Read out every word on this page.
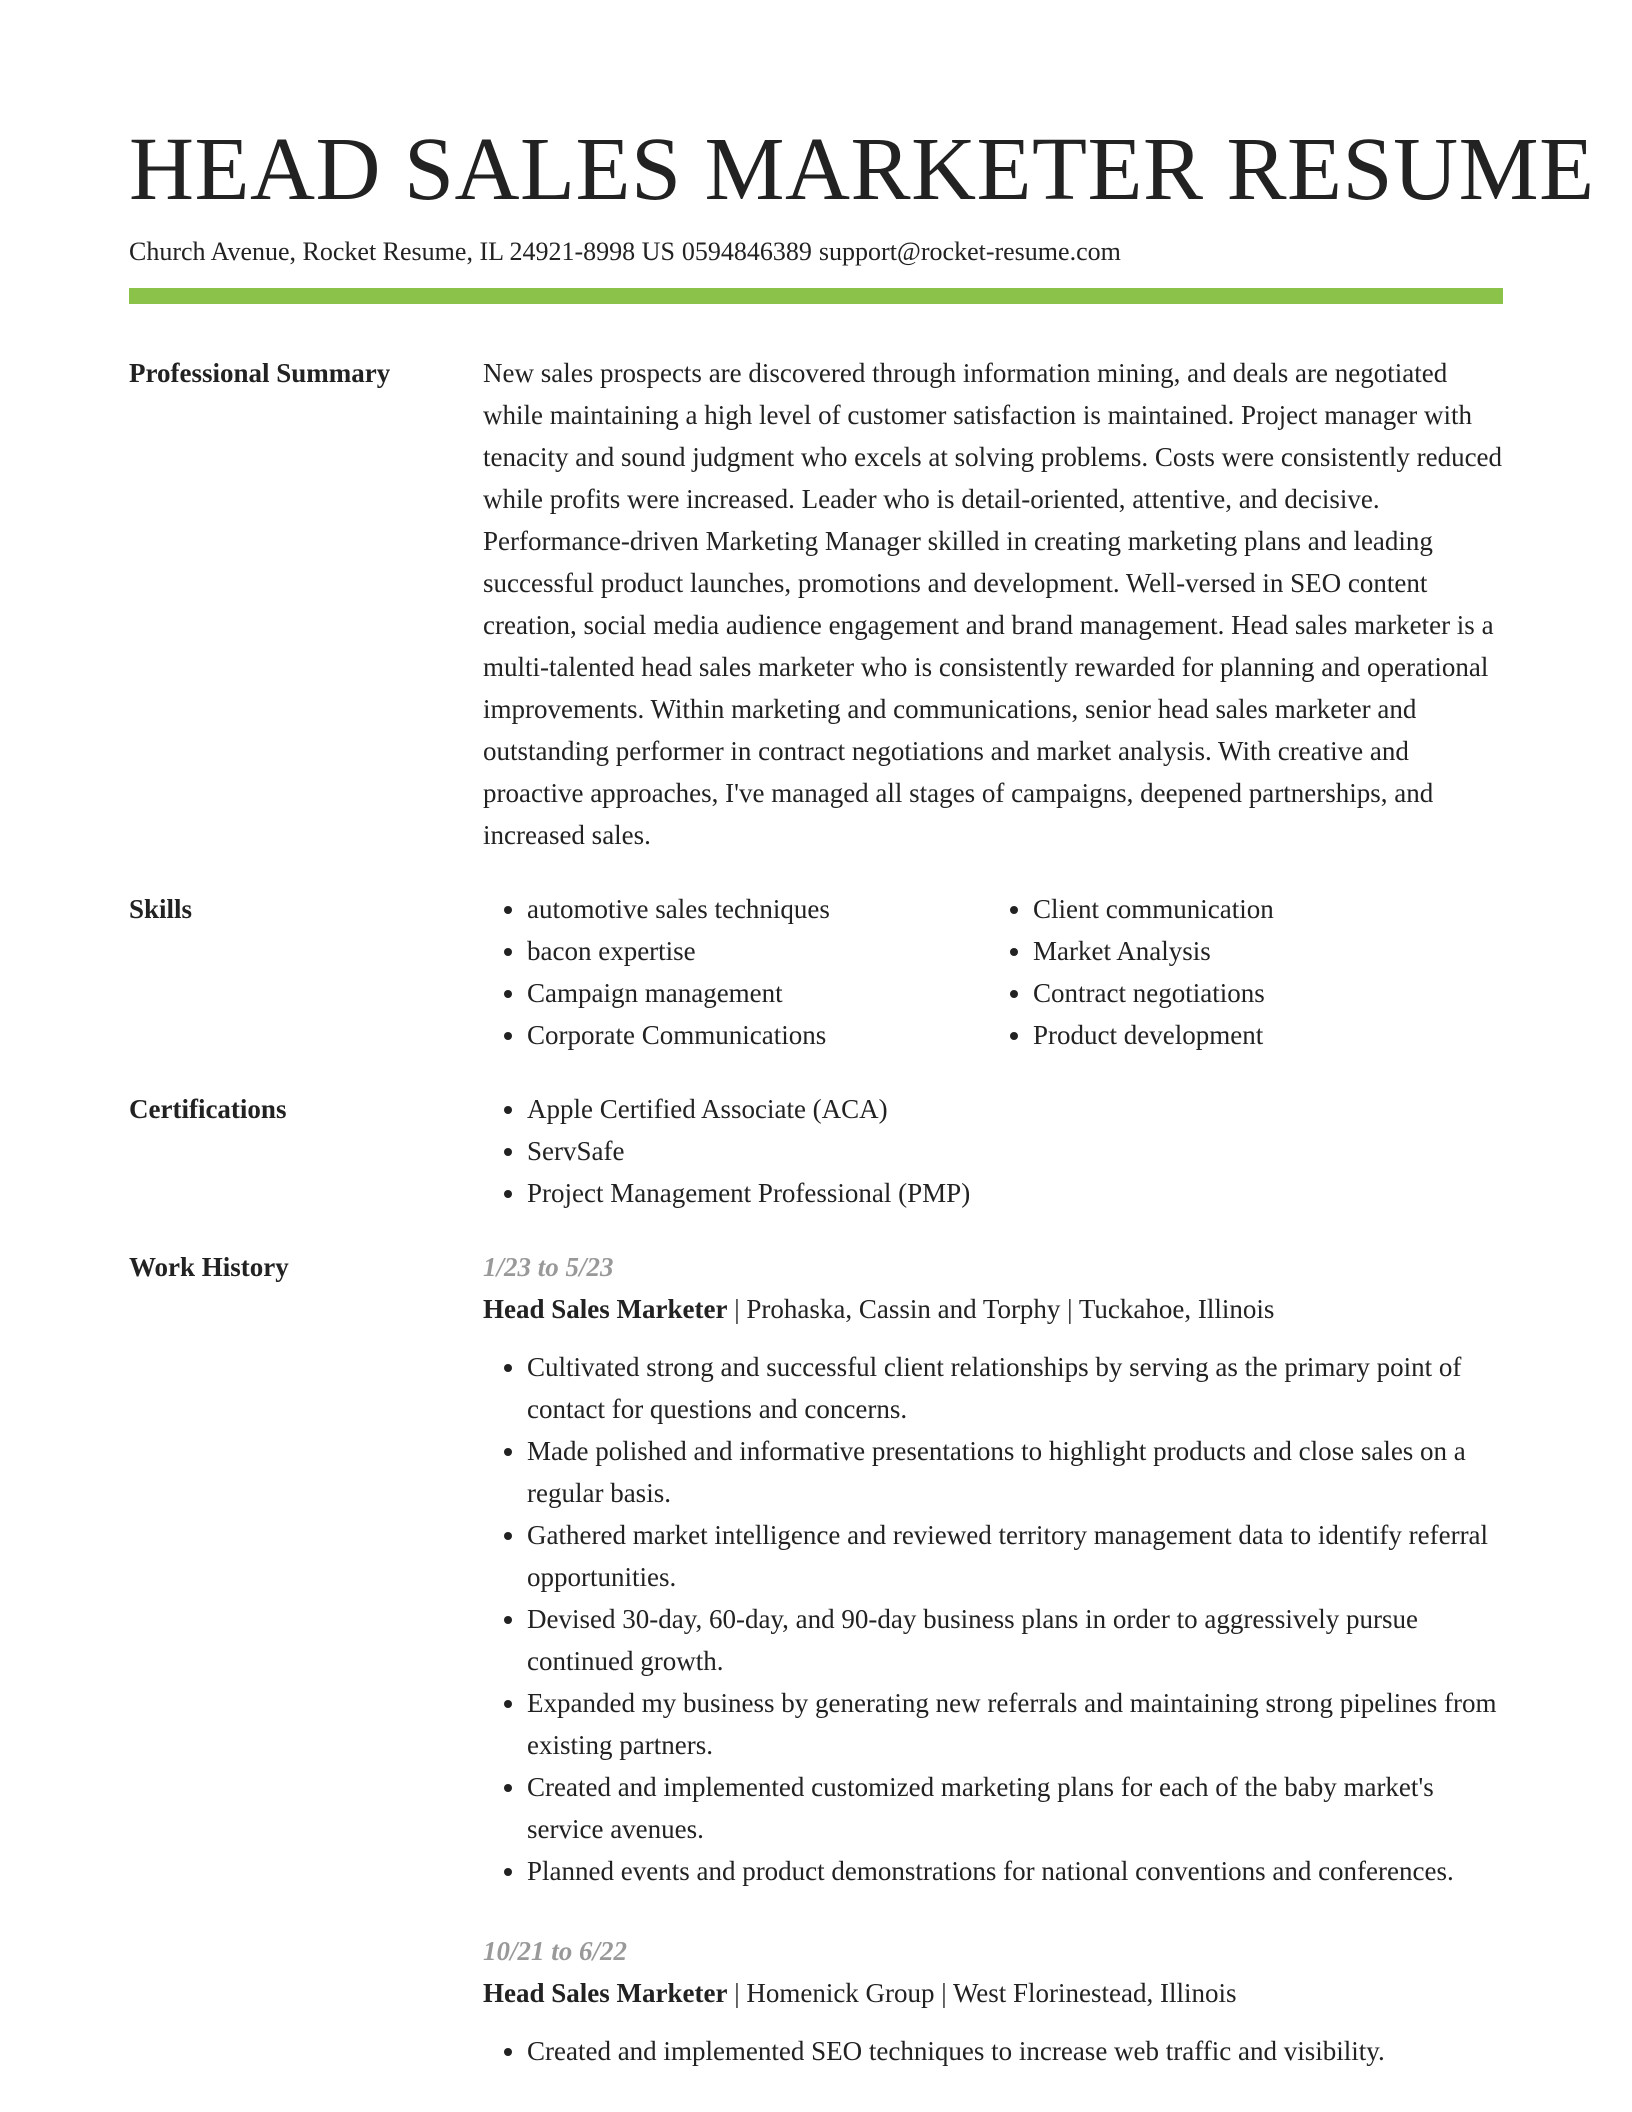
HEAD SALES MARKETER RESUME
Church Avenue, Rocket Resume, IL 24921-8998 US 0594846389 support@rocket-resume.com
Professional Summary	New sales prospects are discovered through information mining, and deals are negotiated while maintaining a high level of customer satisfaction is maintained. Project manager with tenacity and sound judgment who excels at solving problems. Costs were consistently reduced while profits were increased. Leader who is detail-oriented, attentive, and decisive. Performance-driven Marketing Manager skilled in creating marketing plans and leading successful product launches, promotions and development. Well-versed in SEO content creation, social media audience engagement and brand management. Head sales marketer is a multi-talented head sales marketer who is consistently rewarded for planning and operational improvements. Within marketing and communications, senior head sales marketer and outstanding performer in contract negotiations and market analysis. With creative and proactive approaches, I've managed all stages of campaigns, deepened partnerships, and increased sales.

Skills	• automotive sales techniques
• bacon expertise
• Campaign management
• Corporate Communications
• Client communication
• Market Analysis
• Contract negotiations
• Product development
Certifications	• Apple Certified Associate (ACA)
• ServSafe
• Project Management Professional (PMP)
Work History	1/23 to 5/23
Head Sales Marketer | Prohaska, Cassin and Torphy | Tuckahoe, Illinois
• Cultivated strong and successful client relationships by serving as the primary point of contact for questions and concerns.
• Made polished and informative presentations to highlight products and close sales on a regular basis.
• Gathered market intelligence and reviewed territory management data to identify referral opportunities.
• Devised 30-day, 60-day, and 90-day business plans in order to aggressively pursue continued growth.
• Expanded my business by generating new referrals and maintaining strong pipelines from existing partners.
• Created and implemented customized marketing plans for each of the baby market's service avenues.
• Planned events and product demonstrations for national conventions and conferences.
10/21 to 6/22
Head Sales Marketer | Homenick Group | West Florinestead, Illinois
• Created and implemented SEO techniques to increase web traffic and visibility.
